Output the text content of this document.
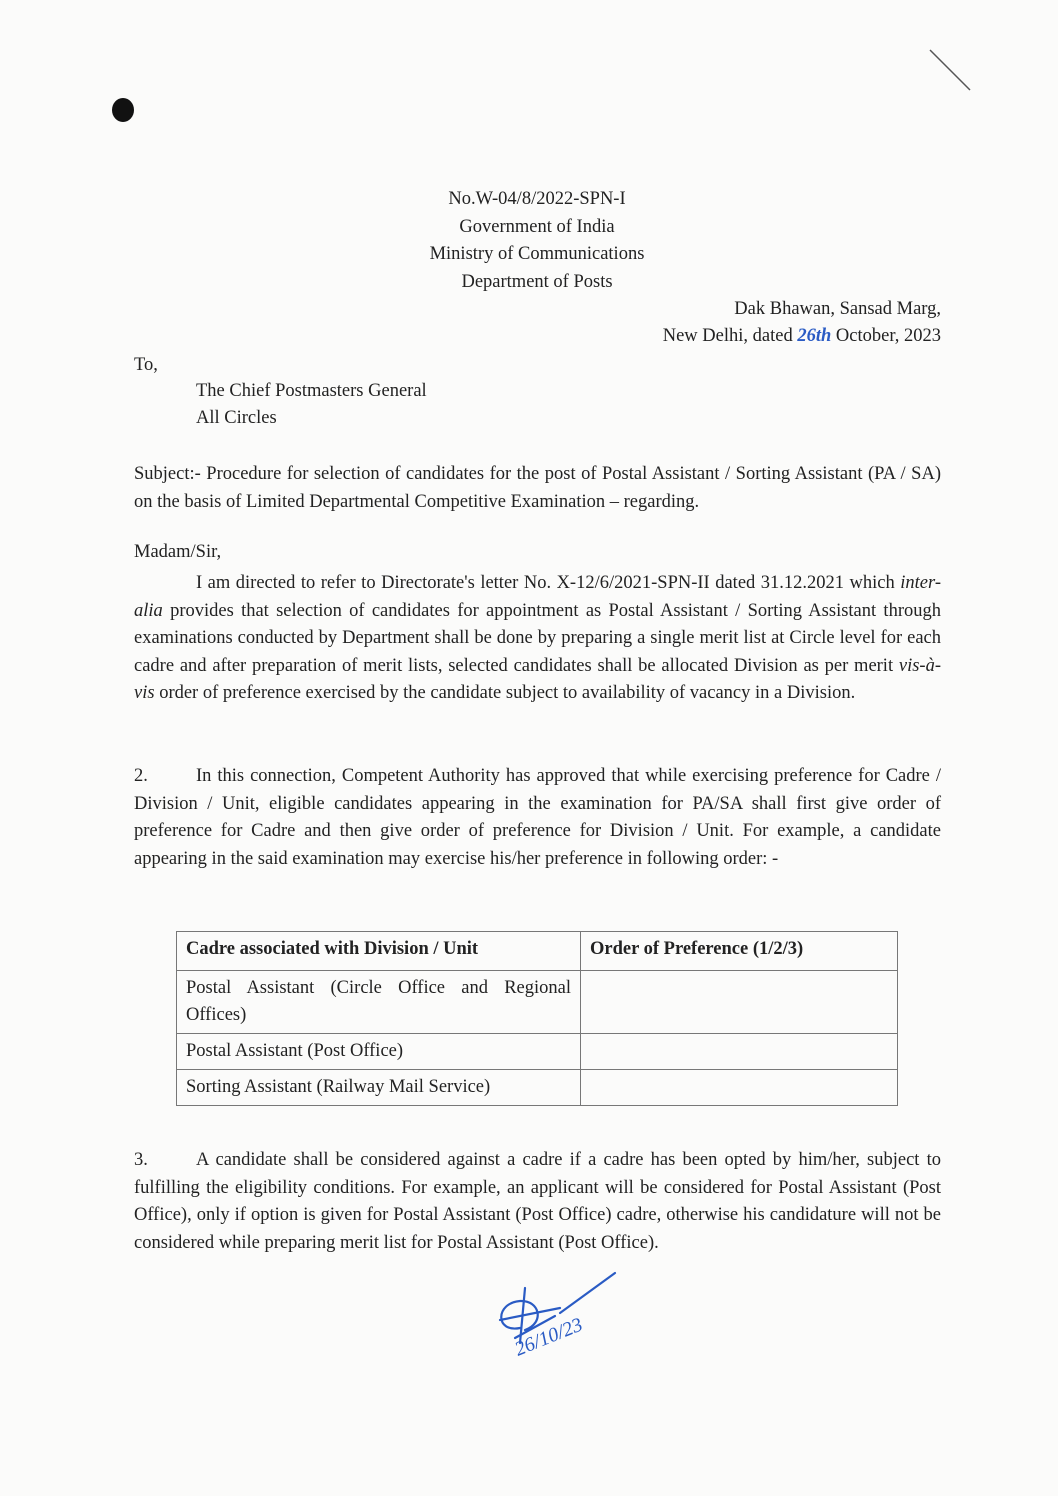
No.W-04/8/2022-SPN-I
Government of India
Ministry of Communications
Department of Posts
Dak Bhawan, Sansad Marg,
New Delhi, dated 26th October, 2023
To,
The Chief Postmasters General
All Circles
Subject:- Procedure for selection of candidates for the post of Postal Assistant / Sorting Assistant (PA / SA) on the basis of Limited Departmental Competitive Examination – regarding.
Madam/Sir,
I am directed to refer to Directorate's letter No. X-12/6/2021-SPN-II dated 31.12.2021 which inter-alia provides that selection of candidates for appointment as Postal Assistant / Sorting Assistant through examinations conducted by Department shall be done by preparing a single merit list at Circle level for each cadre and after preparation of merit lists, selected candidates shall be allocated Division as per merit vis-à-vis order of preference exercised by the candidate subject to availability of vacancy in a Division.
2.	In this connection, Competent Authority has approved that while exercising preference for Cadre / Division / Unit, eligible candidates appearing in the examination for PA/SA shall first give order of preference for Cadre and then give order of preference for Division / Unit. For example, a candidate appearing in the said examination may exercise his/her preference in following order: -
Cadre associated with Division / Unit	Order of Preference (1/2/3)
Postal Assistant (Circle Office and Regional Offices)	
Postal Assistant (Post Office)	
Sorting Assistant (Railway Mail Service)	
3.	A candidate shall be considered against a cadre if a cadre has been opted by him/her, subject to fulfilling the eligibility conditions. For example, an applicant will be considered for Postal Assistant (Post Office), only if option is given for Postal Assistant (Post Office) cadre, otherwise his candidature will not be considered while preparing merit list for Postal Assistant (Post Office).
26/10/23
